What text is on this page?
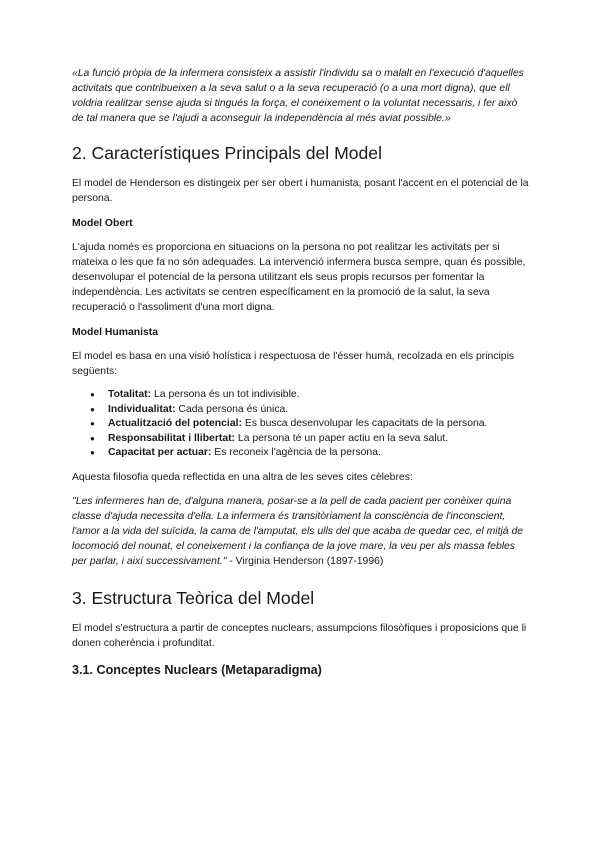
«La funció pròpia de la infermera consisteix a assistir l'individu sa o malalt en l'execució d'aquelles activitats que contribueixen a la seva salut o a la seva recuperació (o a una mort digna), que ell voldria realitzar sense ajuda si tingués la força, el coneixement o la voluntat necessaris, i fer això de tal manera que se l'ajudi a aconseguir la independència al més aviat possible.»

2. Característiques Principals del Model

El model de Henderson es distingeix per ser obert i humanista, posant l'accent en el potencial de la persona.

Model Obert

L'ajuda només es proporciona en situacions on la persona no pot realitzar les activitats per si mateixa o les que fa no són adequades. La intervenció infermera busca sempre, quan és possible, desenvolupar el potencial de la persona utilitzant els seus propis recursos per fomentar la independència. Les activitats se centren específicament en la promoció de la salut, la seva recuperació o l'assoliment d'una mort digna.

Model Humanista

El model es basa en una visió holística i respectuosa de l'ésser humà, recolzada en els principis següents:

● Totalitat: La persona és un tot indivisible.
● Individualitat: Cada persona és única.
● Actualització del potencial: Es busca desenvolupar les capacitats de la persona.
● Responsabilitat i llibertat: La persona té un paper actiu en la seva salut.
● Capacitat per actuar: Es reconeix l'agència de la persona.

Aquesta filosofia queda reflectida en una altra de les seves cites cèlebres:

"Les infermeres han de, d'alguna manera, posar-se a la pell de cada pacient per conèixer quina classe d'ajuda necessita d'ella. La infermera és transitòriament la consciència de l'inconscient, l'amor a la vida del suïcida, la cama de l'amputat, els ulls del que acaba de quedar cec, el mitjà de locomoció del nounat, el coneixement i la confiança de la jove mare, la veu per als massa febles per parlar, i així successivament." - Virginia Henderson (1897-1996)

3. Estructura Teòrica del Model

El model s'estructura a partir de conceptes nuclears, assumpcions filosòfiques i proposicions que li donen coherència i profunditat.

3.1. Conceptes Nuclears (Metaparadigma)
